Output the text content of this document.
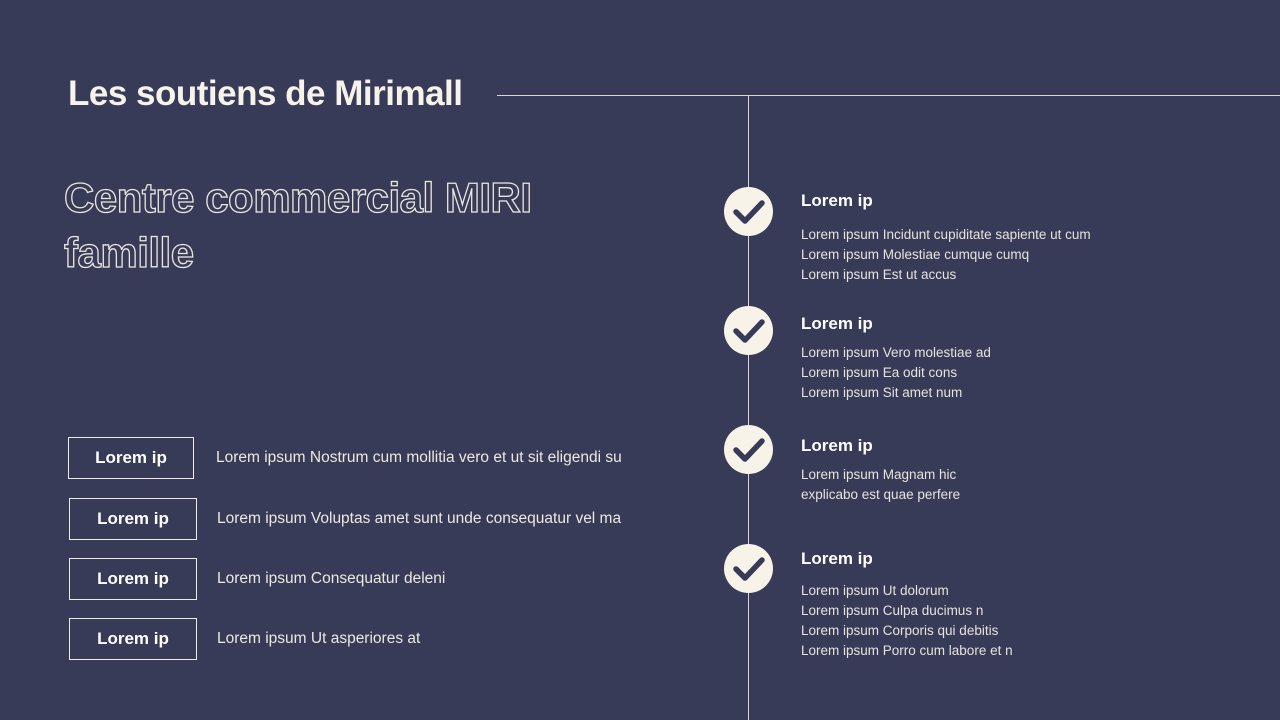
Les soutiens de Mirimall
Centre commercial MIRI
famille
Lorem ip	Lorem ipsum Nostrum cum mollitia vero et ut sit eligendi su
Lorem ip	Lorem ipsum Voluptas amet sunt unde consequatur vel ma
Lorem ip	Lorem ipsum Consequatur deleni
Lorem ip	Lorem ipsum Ut asperiores at
Lorem ip
Lorem ipsum Incidunt cupiditate sapiente ut cum
Lorem ipsum Molestiae cumque cumq
Lorem ipsum Est ut accus
Lorem ip
Lorem ipsum Vero molestiae ad
Lorem ipsum Ea odit cons
Lorem ipsum Sit amet num
Lorem ip
Lorem ipsum Magnam hic
explicabo est quae perfere
Lorem ip
Lorem ipsum Ut dolorum
Lorem ipsum Culpa ducimus n
Lorem ipsum Corporis qui debitis
Lorem ipsum Porro cum labore et n
